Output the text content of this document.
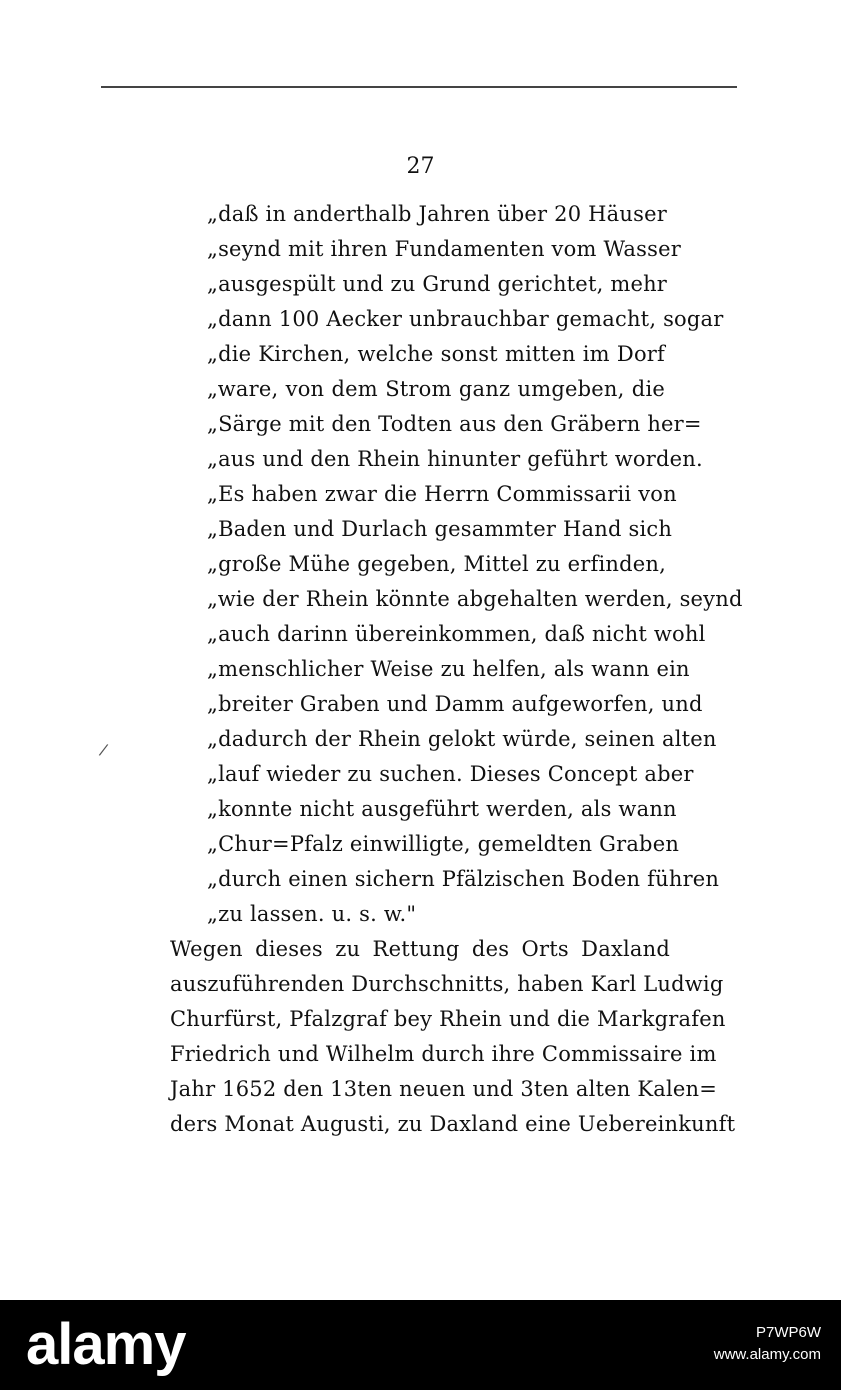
27
/
„daß in anderthalb Jahren über 20 Häuser
„seynd mit ihren Fundamenten vom Wasser
„ausgespült und zu Grund gerichtet, mehr
„dann 100 Aecker unbrauchbar gemacht, sogar
„die Kirchen, welche sonst mitten im Dorf
„ware, von dem Strom ganz umgeben, die
„Särge mit den Todten aus den Gräbern her=
„aus und den Rhein hinunter geführt worden.
„Es haben zwar die Herrn Commissarii von
„Baden und Durlach gesammter Hand sich
„große Mühe gegeben, Mittel zu erfinden,
„wie der Rhein könnte abgehalten werden, seynd
„auch darinn übereinkommen, daß nicht wohl
„menschlicher Weise zu helfen, als wann ein
„breiter Graben und Damm aufgeworfen, und
„dadurch der Rhein gelokt würde, seinen alten
„lauf wieder zu suchen. Dieses Concept aber
„konnte nicht ausgeführt werden, als wann
„Chur=Pfalz einwilligte, gemeldten Graben
„durch einen sichern Pfälzischen Boden führen
„zu lassen. u. s. w."
Wegen dieses zu Rettung des Orts Daxland
auszuführenden Durchschnitts, haben Karl Ludwig
Churfürst, Pfalzgraf bey Rhein und die Markgrafen
Friedrich und Wilhelm durch ihre Commissaire im
Jahr 1652 den 13ten neuen und 3ten alten Kalen=
ders Monat Augusti, zu Daxland eine Uebereinkunft
alamy	P7WP6W
www.alamy.com
